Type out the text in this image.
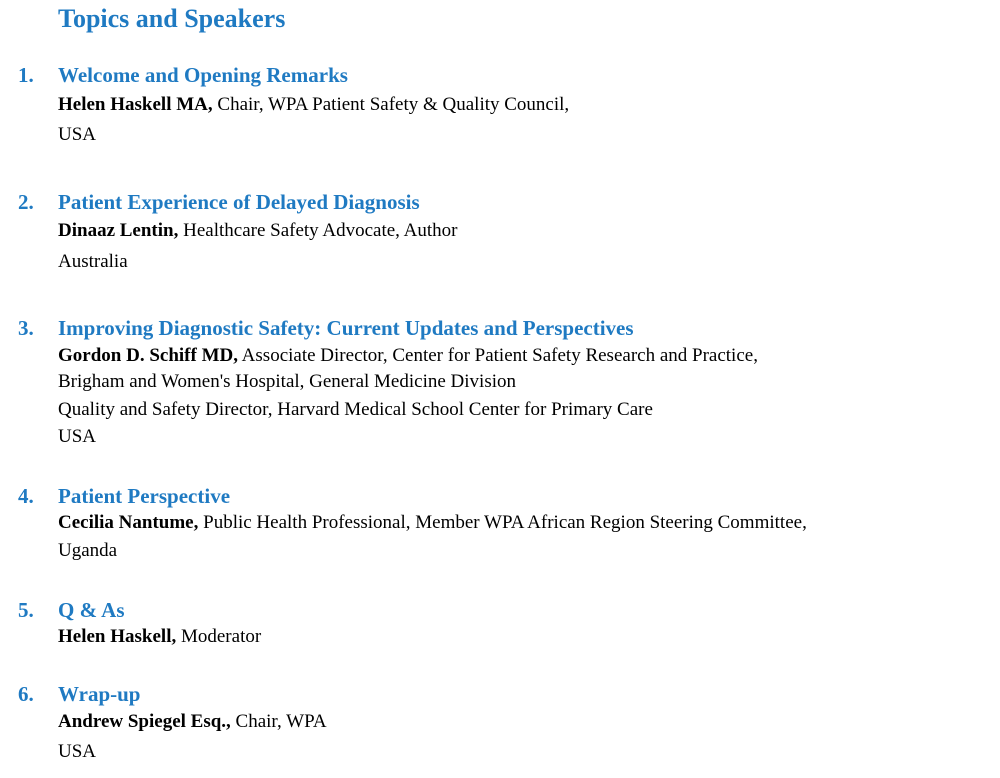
Topics and Speakers
1. Welcome and Opening Remarks
Helen Haskell MA, Chair, WPA Patient Safety & Quality Council,
USA
2. Patient Experience of Delayed Diagnosis
Dinaaz Lentin, Healthcare Safety Advocate, Author
Australia
3. Improving Diagnostic Safety: Current Updates and Perspectives
Gordon D. Schiff MD, Associate Director, Center for Patient Safety Research and Practice,
Brigham and Women's Hospital, General Medicine Division
Quality and Safety Director, Harvard Medical School Center for Primary Care
USA
4. Patient Perspective
Cecilia Nantume, Public Health Professional, Member WPA African Region Steering Committee,
Uganda
5. Q & As
Helen Haskell, Moderator
6. Wrap-up
Andrew Spiegel Esq., Chair, WPA
USA
